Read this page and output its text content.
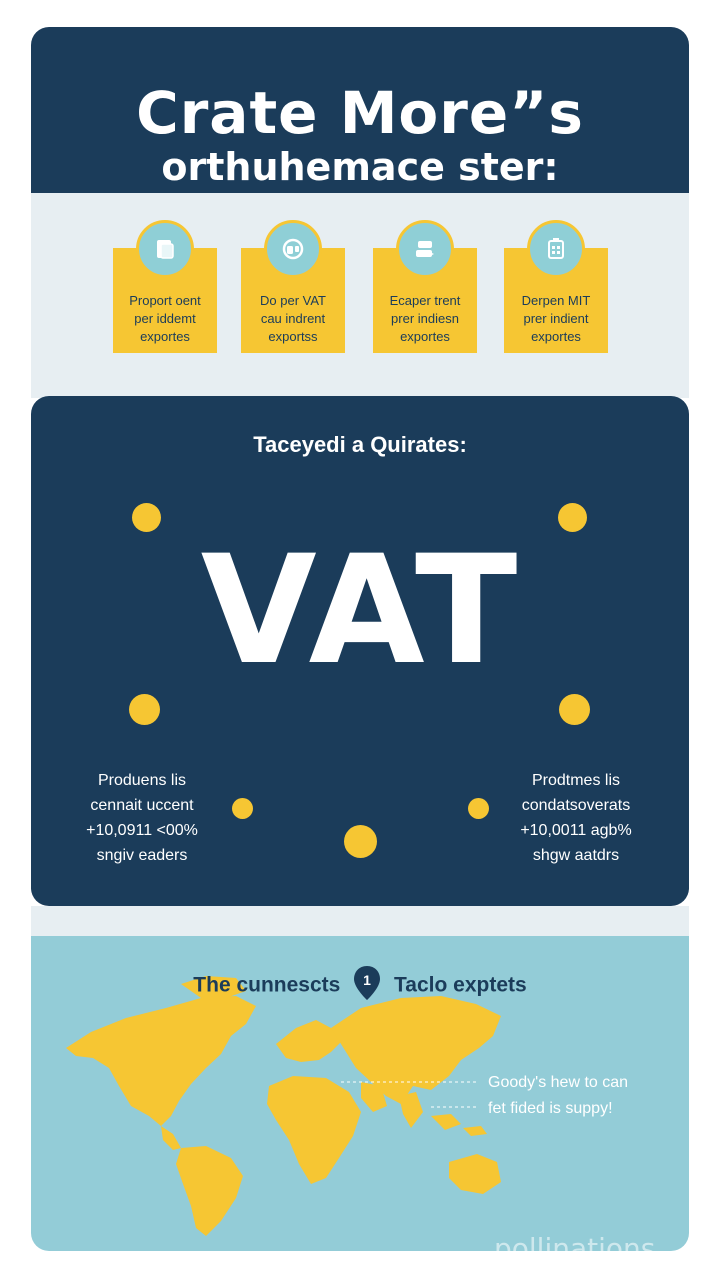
Crate More”s
orthuhemace ster:
Proport oent
per iddemt
exportes
Do per VAT
cau indrent
exportss
Ecaper trent
prer indiesn
exportes
Derpen MIT
prer indient
exportes
Taceyedi a Quirates:
VAT
Produens lis
cennait uccent
+10,0911 <00%
sngiv eaders
Prodtmes lis
condatsoverats
+10,0011 agb%
shgw aatdrs
The cunnescts 1 Taclo exptets
Goody's hew to can
fet fided is suppy!
pollinations
